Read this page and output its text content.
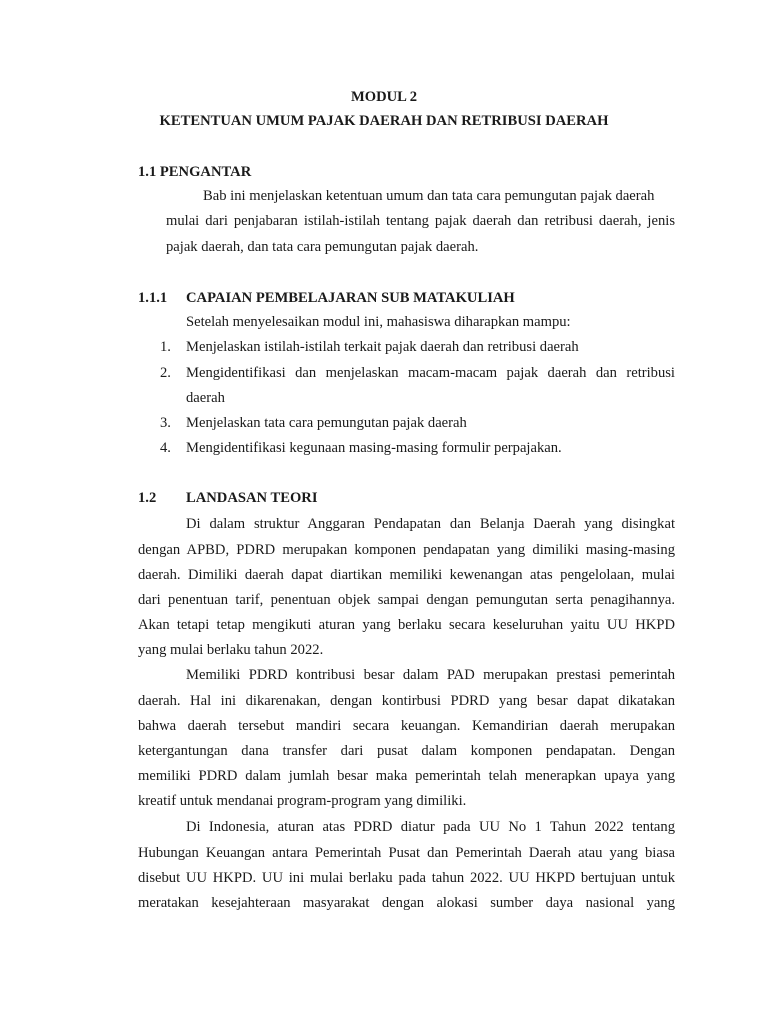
MODUL 2
KETENTUAN UMUM PAJAK DAERAH DAN RETRIBUSI DAERAH
1.1 PENGANTAR
Bab ini menjelaskan ketentuan umum dan tata cara pemungutan pajak daerah
mulai dari penjabaran istilah-istilah tentang pajak daerah dan retribusi daerah, jenis
pajak daerah, dan tata cara pemungutan pajak daerah.
1.1.1 CAPAIAN PEMBELAJARAN SUB MATAKULIAH
Setelah menyelesaikan modul ini, mahasiswa diharapkan mampu:
1. Menjelaskan istilah-istilah terkait pajak daerah dan retribusi daerah
2. Mengidentifikasi dan menjelaskan macam-macam pajak daerah dan retribusi
daerah
3. Menjelaskan tata cara pemungutan pajak daerah
4. Mengidentifikasi kegunaan masing-masing formulir perpajakan.
1.2 LANDASAN TEORI
Di dalam struktur Anggaran Pendapatan dan Belanja Daerah yang disingkat
dengan APBD, PDRD merupakan komponen pendapatan yang dimiliki masing-masing
daerah. Dimiliki daerah dapat diartikan memiliki kewenangan atas pengelolaan, mulai
dari penentuan tarif, penentuan objek sampai dengan pemungutan serta penagihannya.
Akan tetapi tetap mengikuti aturan yang berlaku secara keseluruhan yaitu UU HKPD
yang mulai berlaku tahun 2022.
Memiliki PDRD kontribusi besar dalam PAD merupakan prestasi pemerintah
daerah. Hal ini dikarenakan, dengan kontirbusi PDRD yang besar dapat dikatakan
bahwa daerah tersebut mandiri secara keuangan. Kemandirian daerah merupakan
ketergantungan dana transfer dari pusat dalam komponen pendapatan. Dengan
memiliki PDRD dalam jumlah besar maka pemerintah telah menerapkan upaya yang
kreatif untuk mendanai program-program yang dimiliki.
Di Indonesia, aturan atas PDRD diatur pada UU No 1 Tahun 2022 tentang
Hubungan Keuangan antara Pemerintah Pusat dan Pemerintah Daerah atau yang biasa
disebut UU HKPD. UU ini mulai berlaku pada tahun 2022. UU HKPD bertujuan untuk
meratakan kesejahteraan masyarakat dengan alokasi sumber daya nasional yang
